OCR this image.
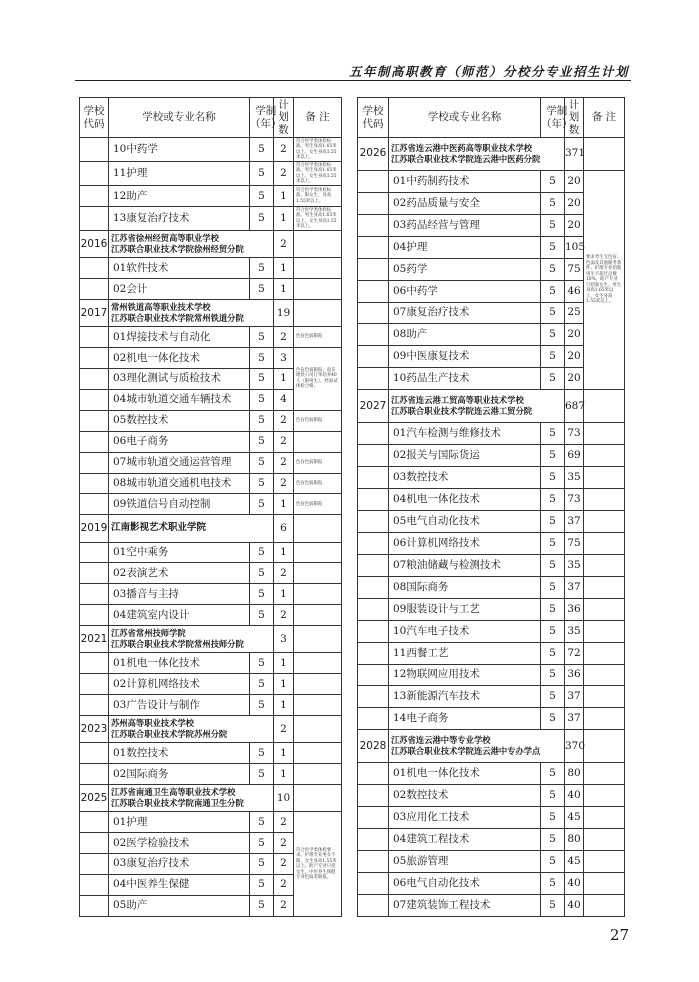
五年制高职教育（师范）分校分专业招生计划
学校代码	学校或专业名称	学制（年）	计划数	备 注
	10中药学	5	2	符合医学类体检标准。男生身高1.65米以上，女生身高1.55米以上。
	11护理	5	2	符合医学类体检标准。男生身高1.65米以上，女生身高1.55米以上。
	12助产	5	1	符合医学类体检标准。限女生，身高1.55米以上。
	13康复治疗技术	5	1	符合医学类体检标准。男生身高1.65米以上，女生身高1.55米以上。
2016	江苏省徐州经贸高等职业学校
江苏联合职业技术学院徐州经贸分院		2	
	01软件技术	5	1	
	02会计	5	1	
2017	常州铁道高等职业技术学校
江苏联合职业技术学院常州铁道分院		19	
	01焊接技术与自动化	5	2	色盲色弱限报
	02机电一体化技术	5	3	色盲色弱限报；南京地铁公司订单培养40人（限男生），经面试体检合格。
	03理化测试与质检技术	5	1	
	04城市轨道交通车辆技术	5	4	
	05数控技术	5	2	色盲色弱限报
	06电子商务	5	2	
	07城市轨道交通运营管理	5	2	色盲色弱限报
	08城市轨道交通机电技术	5	2	色盲色弱限报
	09铁道信号自动控制	5	1	色盲色弱限报
2019	江南影视艺术职业学院		6	
	01空中乘务	5	1	
	02表演艺术	5	2	
	03播音与主持	5	1	
	04建筑室内设计	5	2	
2021	江苏省常州技师学院
江苏联合职业技术学院常州技师分院		3	
	01机电一体化技术	5	1	
	02计算机网络技术	5	1	
	03广告设计与制作	5	1	
2023	苏州高等职业技术学校
江苏联合职业技术学院苏州分院		2	
	01数控技术	5	1	
	02国际商务	5	1	
2025	江苏省南通卫生高等职业技术学校
江苏联合职业技术学院南通卫生分院		10	
	01护理	5	2	符合医学类体检要求。护理专业男女不限，女生身高1.55米以上。助产专业只招女生。中医养生保健专业色弱者限报。
	02医学检验技术	5	2	
	03康复治疗技术	5	2	
	04中医养生保健	5	2	
	05助产	5	2	
学校代码	学校或专业名称	学制（年）	计划数	备 注
2026	江苏省连云港中医药高等职业技术学校
江苏联合职业技术学院连云港中医药分院		371	
	01中药制药技术	5	20	要求考生无色盲、色弱及其他眼考条件。护理专业招收男生不超过总数10%，助产专业只招收女生。男生身高1.65米以上，女生身高1.55米以上。
	02药品质量与安全	5	20	
	03药品经营与管理	5	20	
	04护理	5	105	
	05药学	5	75	
	06中药学	5	46	
	07康复治疗技术	5	25	
	08助产	5	20	
	09中医康复技术	5	20	
	10药品生产技术	5	20	
2027	江苏省连云港工贸高等职业技术学校
江苏联合职业技术学院连云港工贸分院		687	
	01汽车检测与维修技术	5	73	
	02报关与国际货运	5	69	
	03数控技术	5	35	
	04机电一体化技术	5	73	
	05电气自动化技术	5	37	
	06计算机网络技术	5	75	
	07粮油储藏与检测技术	5	35	
	08国际商务	5	37	
	09服装设计与工艺	5	36	
	10汽车电子技术	5	35	
	11西餐工艺	5	72	
	12物联网应用技术	5	36	
	13新能源汽车技术	5	37	
	14电子商务	5	37	
2028	江苏省连云港中等专业学校
江苏联合职业技术学院连云港中专办学点		370	
	01机电一体化技术	5	80	
	02数控技术	5	40	
	03应用化工技术	5	45	
	04建筑工程技术	5	80	
	05旅游管理	5	45	
	06电气自动化技术	5	40	
	07建筑装饰工程技术	5	40	
27
